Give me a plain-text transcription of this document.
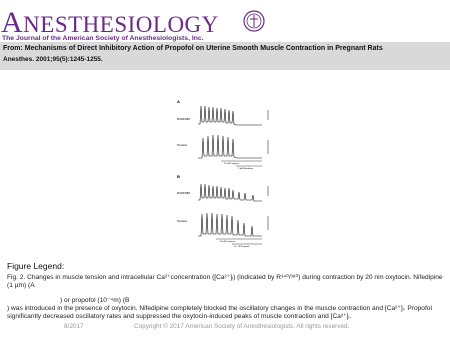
ANESTHESIOLOGY
The Journal of the American Society of Anesthesiologists, Inc.
From: Mechanisms of Direct Inhibitory Action of Propofol on Uterine Smooth Muscle Contraction in Pregnant Rats
Anesthes. 2001;95(5):1245-1255.
A
R340/380
Tension
20 nM Oxytocin
1 µM Nifedipine
B
R340/380
Tension
20 nM Oxytocin
10⁻⁴M Propofol
Figure Legend:
Fig. 2. Changes in muscle tension and intracellular Ca²⁺concentration ([Ca²⁺]ᵢ) (indicated by R³⁴⁰/³⁸⁰) during contraction by 20 nm oxytocin. Nifedipine (1 µm) (A
) or propofol (10⁻⁴m) (B
) was introduced in the presence of oxytocin. Nifedipine completely blocked the oscillatory changes in the muscle contraction and [Ca²⁺]ᵢ. Propofol significantly decreased oscillatory rates and suppressed the oxytocin-induced peaks of muscle contraction and [Ca²⁺]ᵢ.
8/2017	Copyright © 2017 American Society of Anesthesiologists. All rights reserved.
